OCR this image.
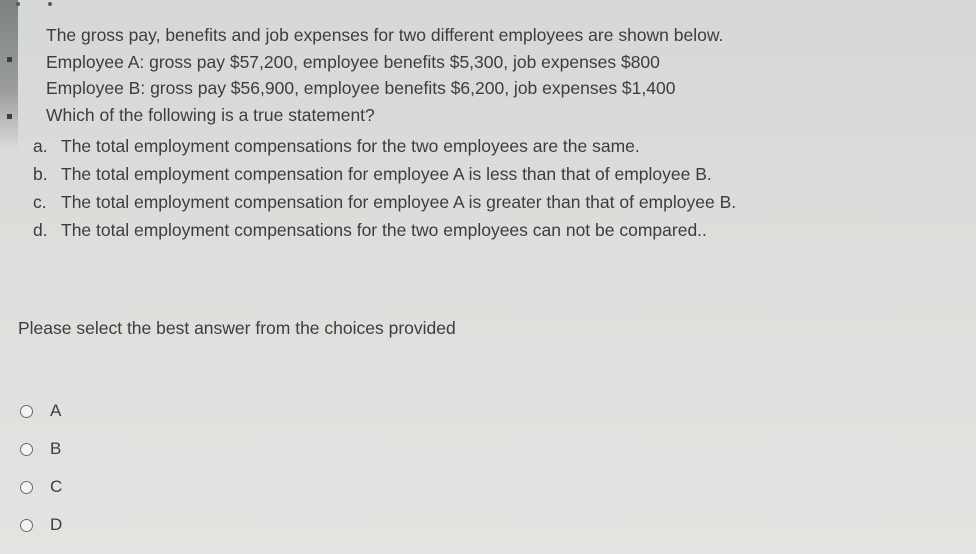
The gross pay, benefits and job expenses for two different employees are shown below.
Employee A: gross pay $57,200, employee benefits $5,300, job expenses $800
Employee B: gross pay $56,900, employee benefits $6,200, job expenses $1,400
Which of the following is a true statement?
a. The total employment compensations for the two employees are the same.
b. The total employment compensation for employee A is less than that of employee B.
c. The total employment compensation for employee A is greater than that of employee B.
d. The total employment compensations for the two employees can not be compared..
Please select the best answer from the choices provided
A
B
C
D
